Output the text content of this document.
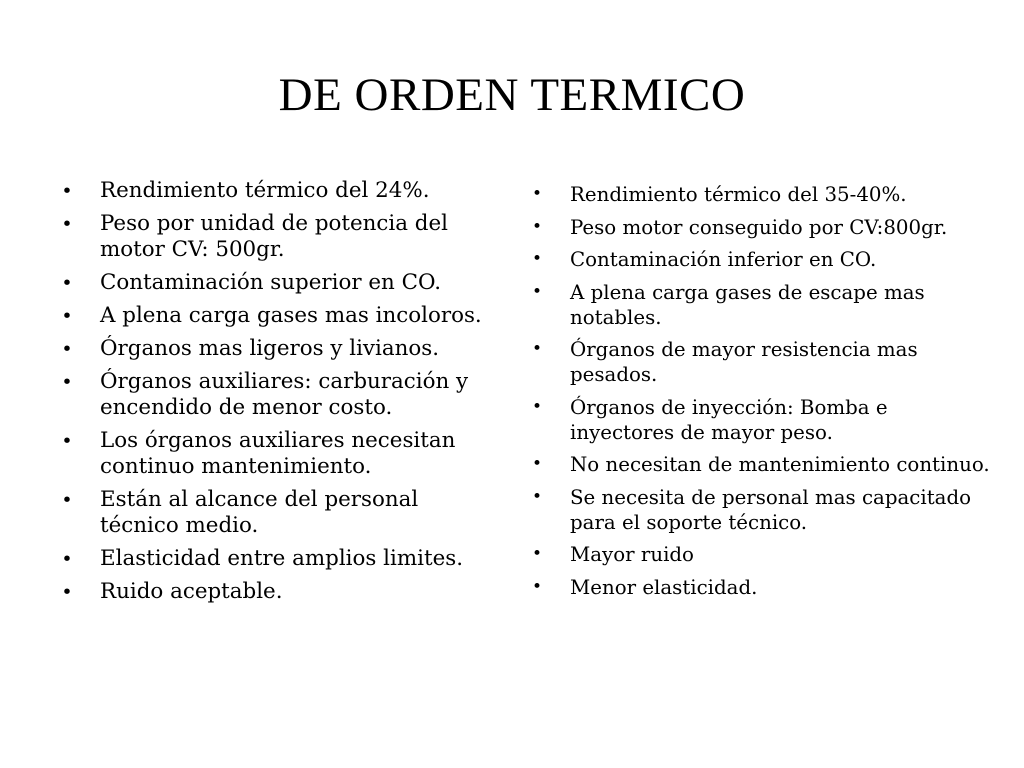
DE ORDEN TERMICO
• Rendimiento térmico del 24%.
• Peso por unidad de potencia del motor CV: 500gr.
• Contaminación superior en CO.
• A plena carga gases mas incoloros.
• Órganos mas ligeros y livianos.
• Órganos auxiliares: carburación y encendido de menor costo.
• Los órganos auxiliares necesitan continuo mantenimiento.
• Están al alcance del personal técnico medio.
• Elasticidad entre amplios limites.
• Ruido aceptable.
• Rendimiento térmico del 35-40%.
• Peso motor conseguido por CV:800gr.
• Contaminación inferior en CO.
• A plena carga gases de escape mas notables.
• Órganos de mayor resistencia mas pesados.
• Órganos de inyección: Bomba e inyectores de mayor peso.
• No necesitan de mantenimiento continuo.
• Se necesita de personal mas capacitado para el soporte técnico.
• Mayor ruido
• Menor elasticidad.
